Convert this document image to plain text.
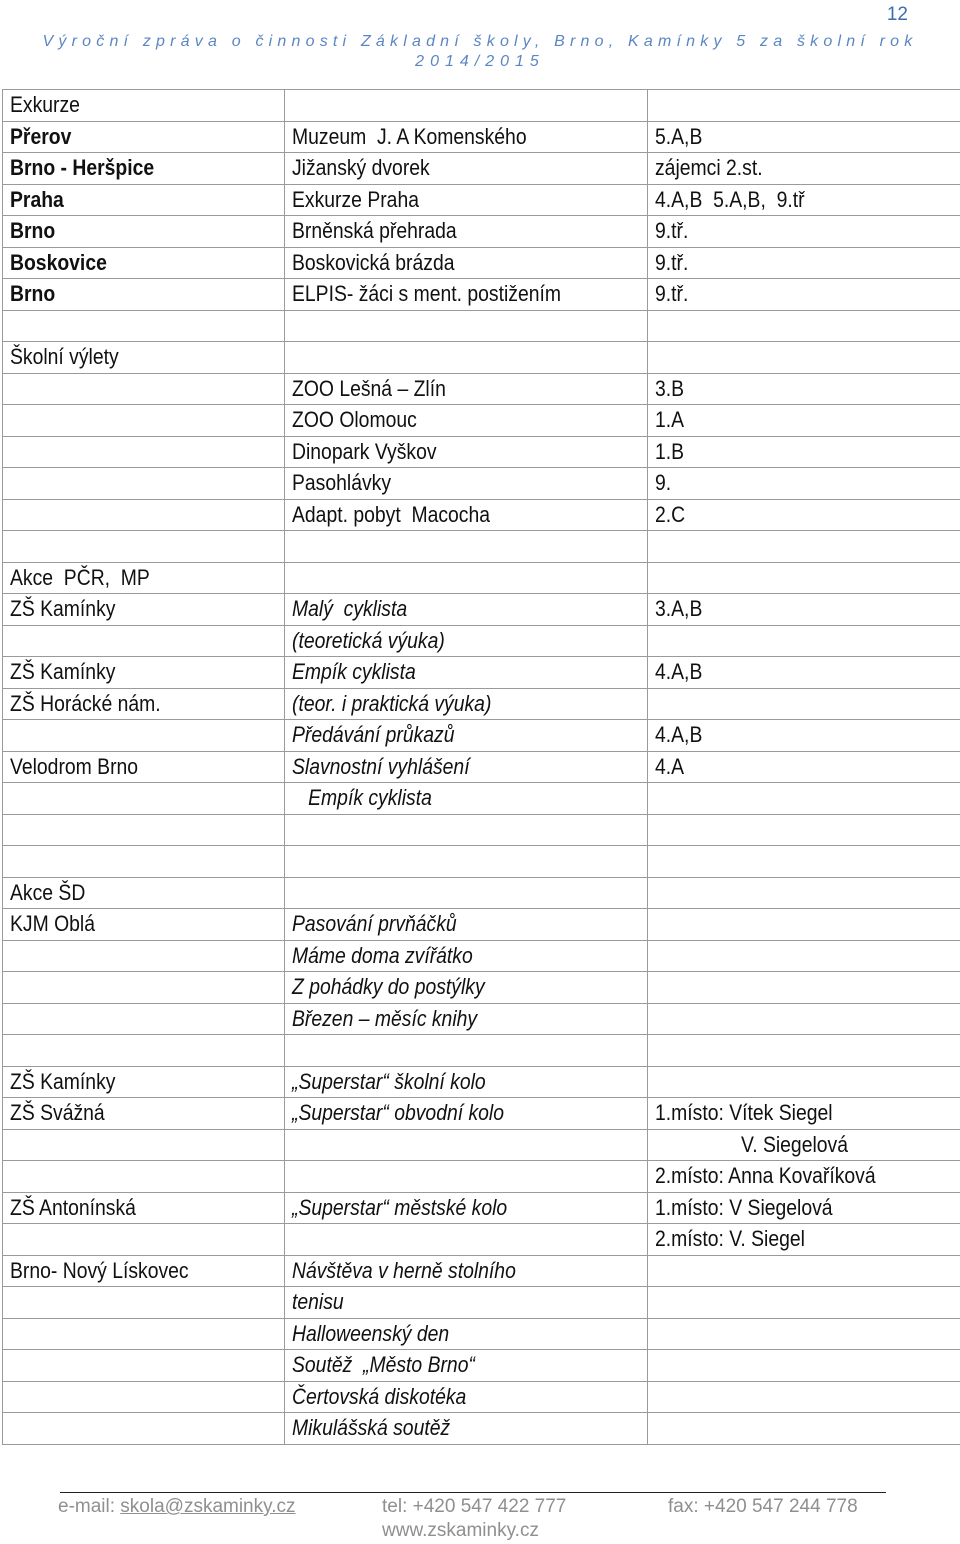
12
Výroční zpráva o činnosti Základní školy, Brno, Kamínky 5 za školní rok
2014/2015
Exkurze		
Přerov	Muzeum  J. A Komenského	5.A,B
Brno - Heršpice	Jižanský dvorek	zájemci 2.st.
Praha	Exkurze Praha	4.A,B  5.A,B,  9.tř
Brno	Brněnská přehrada	9.tř.
Boskovice	Boskovická brázda	9.tř.
Brno	ELPIS- žáci s ment. postižením	9.tř.

Školní výlety		
	ZOO Lešná – Zlín	3.B
	ZOO Olomouc	1.A
	Dinopark Vyškov	1.B
	Pasohlávky	9.
	Adapt. pobyt  Macocha	2.C

Akce  PČR,  MP		
ZŠ Kamínky	Malý  cyklista	3.A,B
	(teoretická výuka)	
ZŠ Kamínky	Empík cyklista	4.A,B
ZŠ Horácké nám.	(teor. i praktická výuka)	
	Předávání průkazů	4.A,B
Velodrom Brno	Slavnostní vyhlášení	4.A
	Empík cyklista	

Akce ŠD		
KJM Oblá	Pasování prvňáčků	
	Máme doma zvířátko	
	Z pohádky do postýlky	
	Březen – měsíc knihy	

ZŠ Kamínky	„Superstar“ školní kolo	
ZŠ Svážná	„Superstar“ obvodní kolo	1.místo: Vítek Siegel
		V. Siegelová
		2.místo: Anna Kovaříková
ZŠ Antonínská	„Superstar“ městské kolo	1.místo: V Siegelová
		2.místo: V. Siegel
Brno- Nový Lískovec	Návštěva v herně stolního	
	tenisu	
	Halloweenský den	
	Soutěž  „Město Brno“	
	Čertovská diskotéka	
	Mikulášská soutěž	
e-mail: skola@zskaminky.cz	tel: +420 547 422 777	fax: +420 547 244 778
www.zskaminky.cz
